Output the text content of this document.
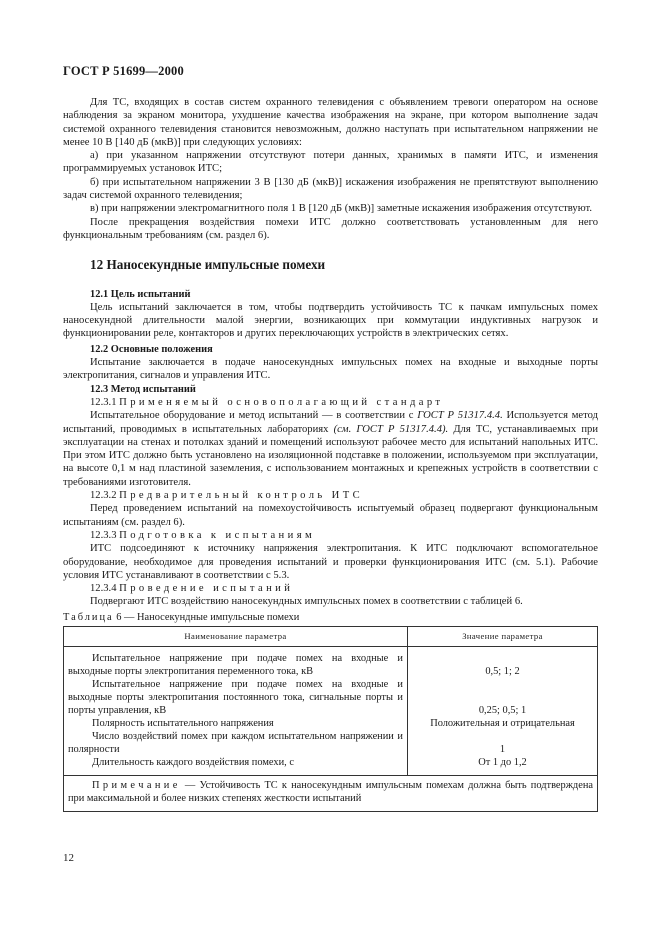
ГОСТ Р 51699—2000

Для ТС, входящих в состав систем охранного телевидения с объявлением тревоги оператором на основе наблюдения за экраном монитора, ухудшение качества изображения на экране, при котором выполнение задач системой охранного телевидения становится невозможным, должно наступать при испытательном напряжении не менее 10 В [140 дБ (мкВ)] при следующих условиях:

а) при указанном напряжении отсутствуют потери данных, хранимых в памяти ИТС, и изменения программируемых установок ИТС;

б) при испытательном напряжении 3 В [130 дБ (мкВ)] искажения изображения не препятствуют выполнению задач системой охранного телевидения;

в) при напряжении электромагнитного поля 1 В [120 дБ (мкВ)] заметные искажения изображения отсутствуют.

После прекращения воздействия помехи ИТС должно соответствовать установленным для него функциональным требованиям (см. раздел 6).

12 Наносекундные импульсные помехи
12.1 Цель испытаний

Цель испытаний заключается в том, чтобы подтвердить устойчивость ТС к пачкам импульсных помех наносекундной длительности малой энергии, возникающих при коммутации индуктивных нагрузок и функционировании реле, контакторов и других переключающих устройств в электрических сетях.

12.2 Основные положения

Испытание заключается в подаче наносекундных импульсных помех на входные и выходные порты электропитания, сигналов и управления ИТС.

12.3 Метод испытаний

12.3.1 Применяемый основополагающий стандарт

Испытательное оборудование и метод испытаний — в соответствии с ГОСТ Р 51317.4.4. Используется метод испытаний, проводимых в испытательных лабораториях (см. ГОСТ Р 51317.4.4). Для ТС, устанавливаемых при эксплуатации на стенах и потолках зданий и помещений используют рабочее место для испытаний напольных ИТС. При этом ИТС должно быть установлено на изоляционной подставке в положении, используемом при эксплуатации, на высоте 0,1 м над пластиной заземления, с использованием монтажных и крепежных устройств в соответствии с требованиями изготовителя.

12.3.2 Предварительный контроль ИТС

Перед проведением испытаний на помехоустойчивость испытуемый образец подвергают функциональным испытаниям (см. раздел 6).

12.3.3 Подготовка к испытаниям

ИТС подсоединяют к источнику напряжения электропитания. К ИТС подключают вспомогательное оборудование, необходимое для проведения испытаний и проверки функционирования ИТС (см. 5.1). Рабочие условия ИТС устанавливают в соответствии с 5.3.

12.3.4 Проведение испытаний

Подвергают ИТС воздействию наносекундных импульсных помех в соответствии с таблицей 6.

Таблица 6 — Наносекундные импульсные помехи
Наименование параметра	Значение параметра

Испытательное напряжение при подаче помех на входные и выходные порты электропитания переменного тока, кВ	0,5; 1; 2

Испытательное напряжение при подаче помех на входные и выходные порты электропитания постоянного тока, сигнальные порты и порты управления, кВ	0,25; 0,5; 1

Полярность испытательного напряжения	Положительная и отрицательная

Число воздействий помех при каждом испытательном напряжении и полярности	1

Длительность каждого воздействия помехи, с	От 1 до 1,2

Примечание — Устойчивость ТС к наносекундным импульсным помехам должна быть подтверждена при максимальной и более низких степенях жесткости испытаний	

12
